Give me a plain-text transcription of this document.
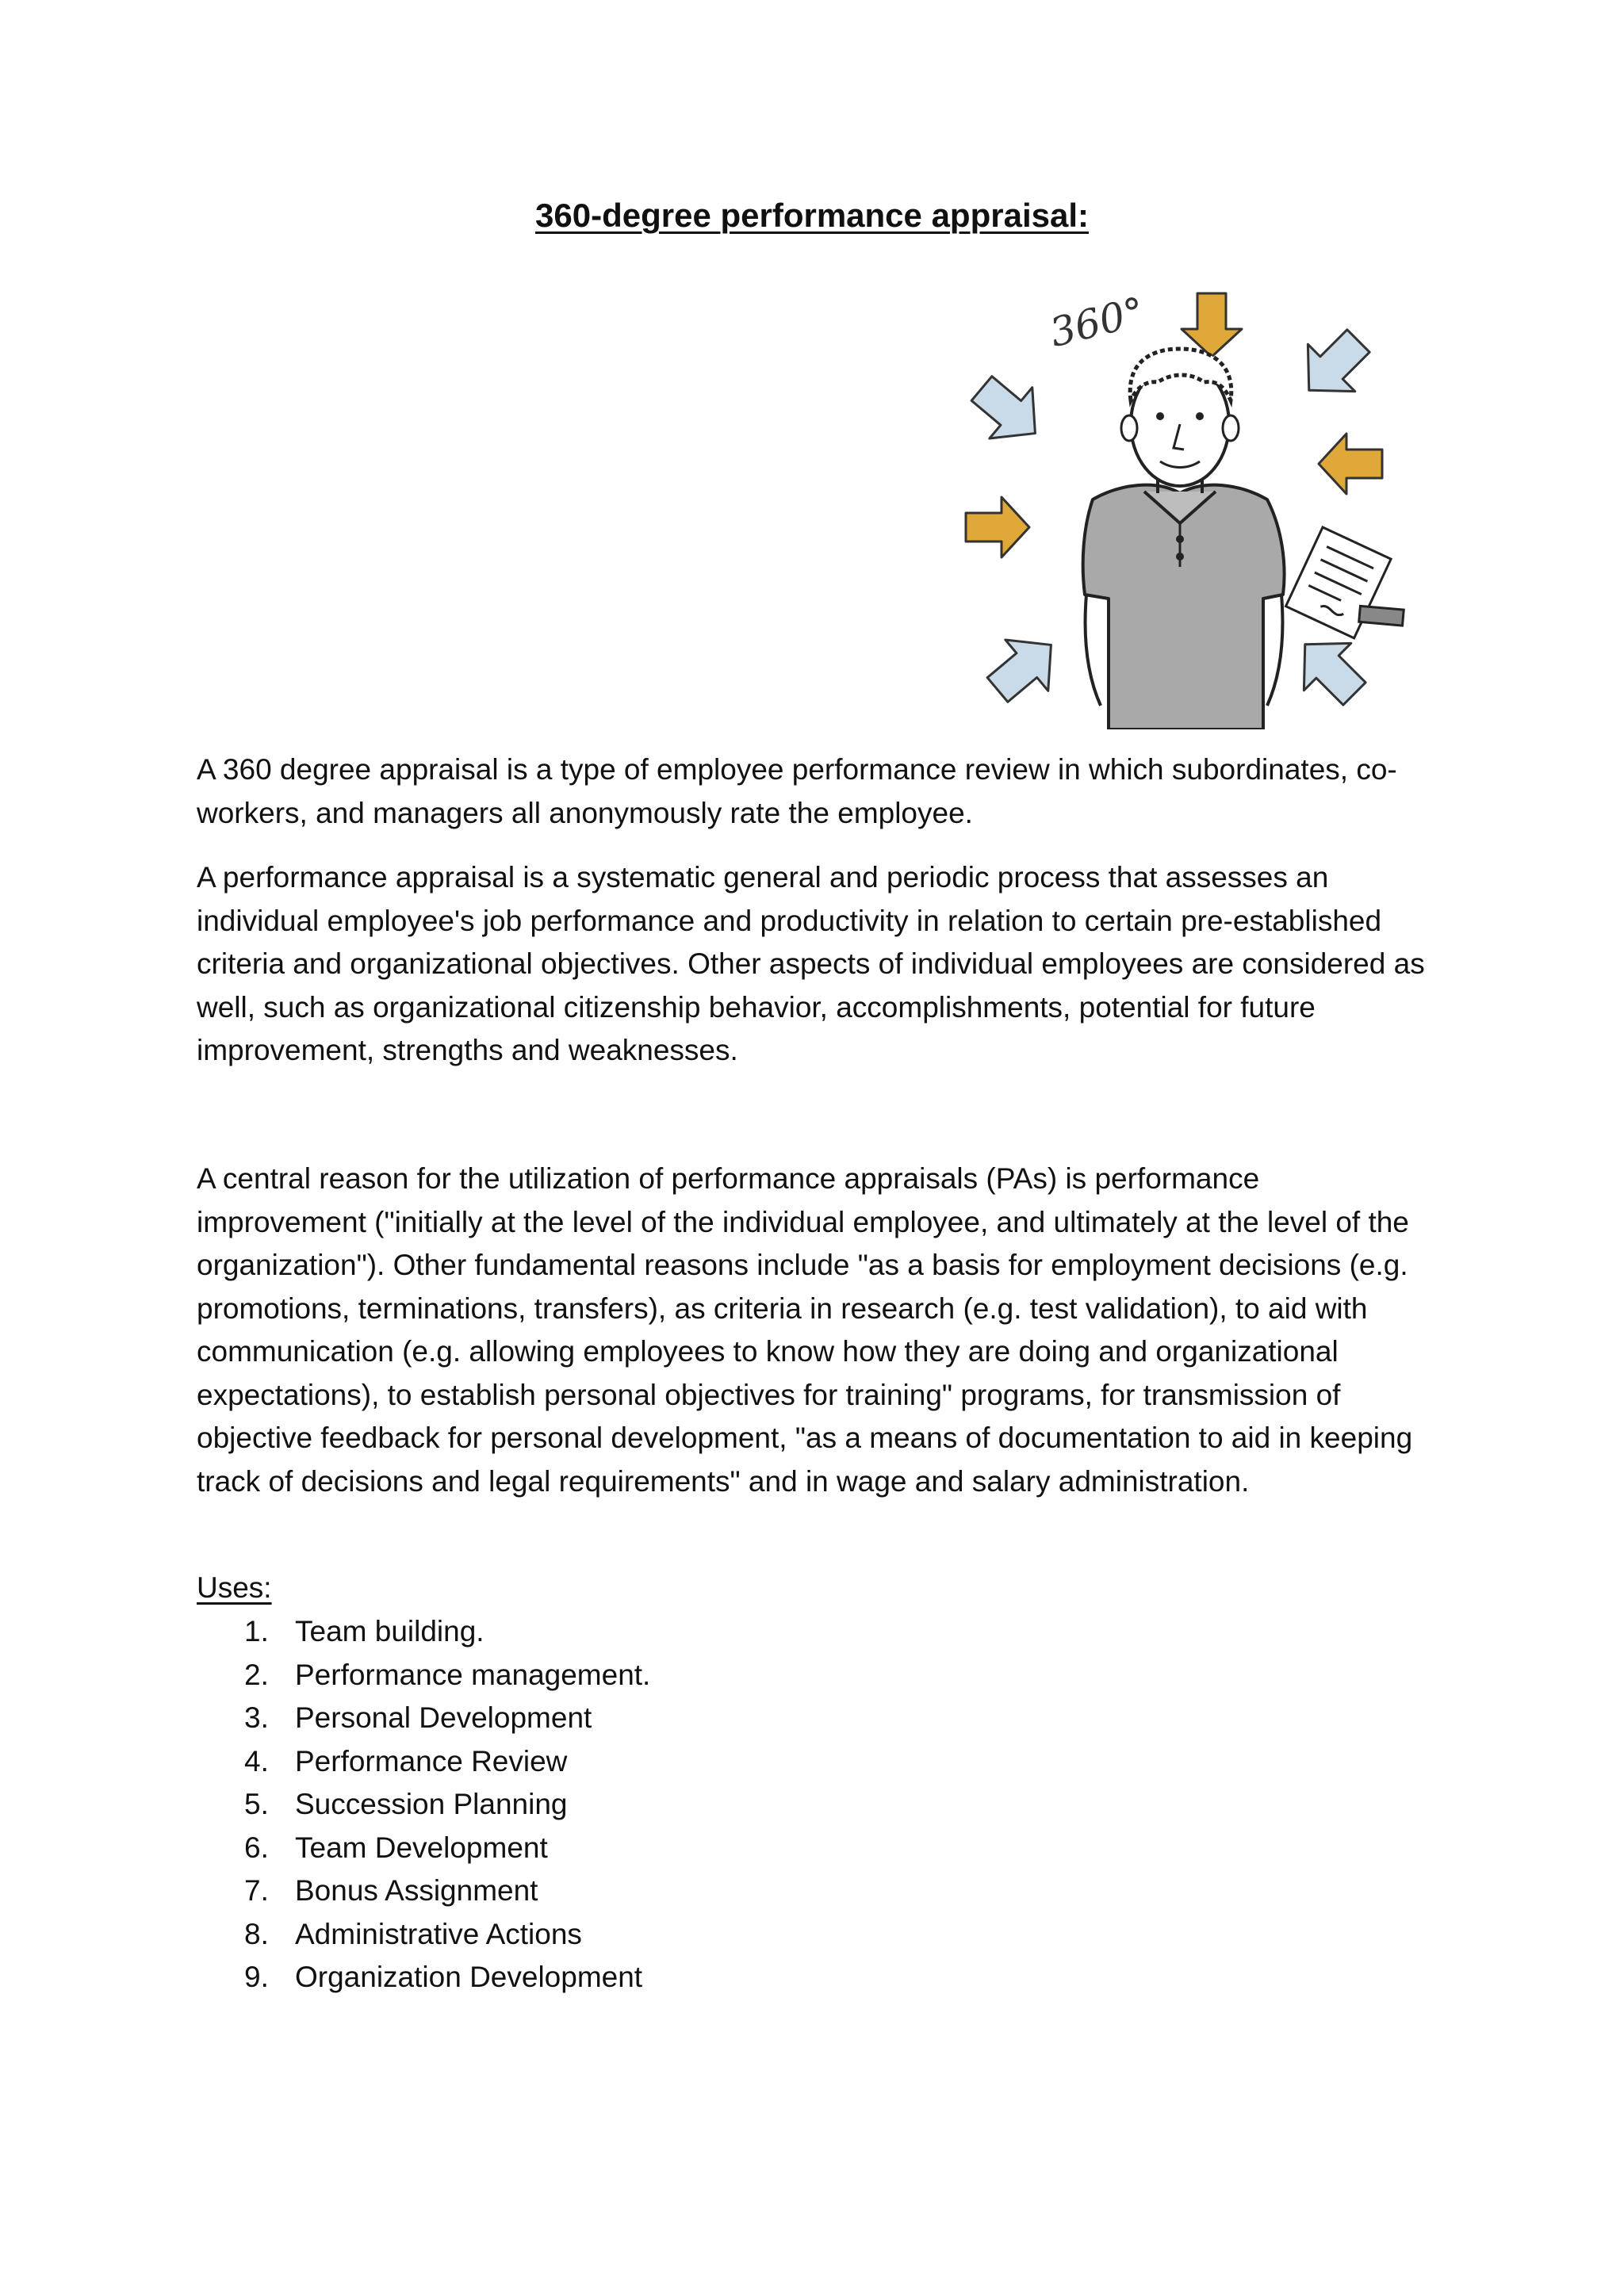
360-degree performance appraisal:
360°

A 360 degree appraisal is a type of employee performance review in which subordinates, co-workers, and managers all anonymously rate the employee.

A performance appraisal is a systematic general and periodic process that assesses an individual employee's job performance and productivity in relation to certain pre-established criteria and organizational objectives. Other aspects of individual employees are considered as well, such as organizational citizenship behavior, accomplishments, potential for future improvement, strengths and weaknesses.

A central reason for the utilization of performance appraisals (PAs) is performance improvement ("initially at the level of the individual employee, and ultimately at the level of the organization"). Other fundamental reasons include "as a basis for employment decisions (e.g. promotions, terminations, transfers), as criteria in research (e.g. test validation), to aid with communication (e.g. allowing employees to know how they are doing and organizational expectations), to establish personal objectives for training" programs, for transmission of objective feedback for personal development, "as a means of documentation to aid in keeping track of decisions and legal requirements" and in wage and salary administration.

Uses:

1. Team building.
2. Performance management.
3. Personal Development
4. Performance Review
5. Succession Planning
6. Team Development
7. Bonus Assignment
8. Administrative Actions
9. Organization Development
